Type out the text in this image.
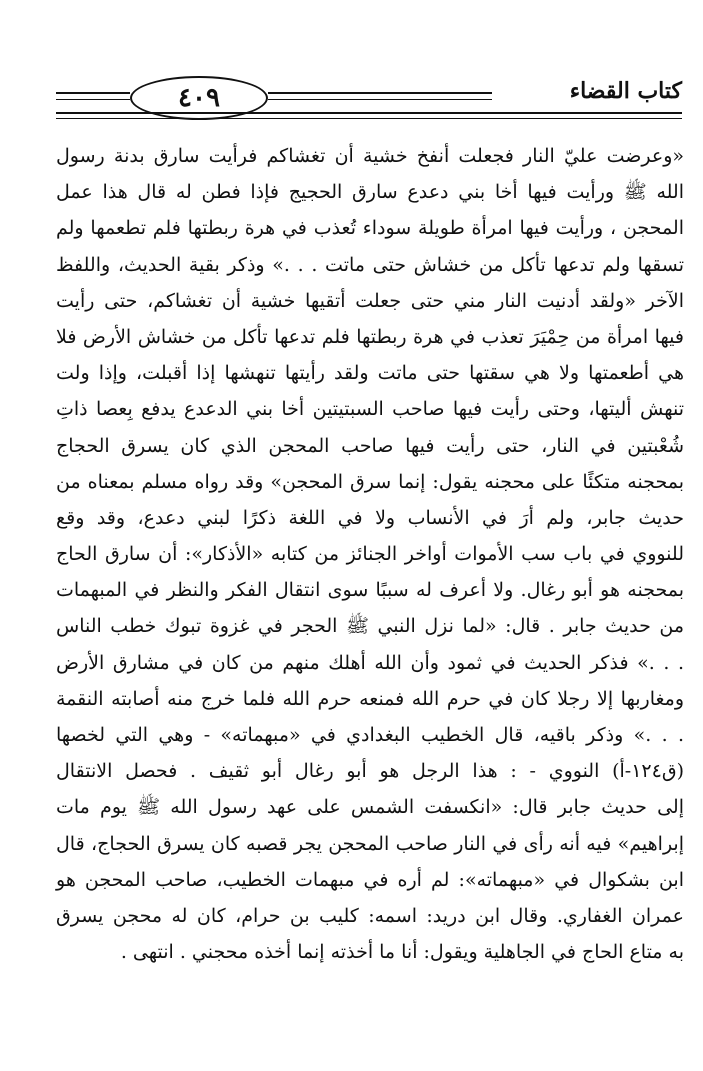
٤٠٩	كتاب القضاء
«وعرضت عليّ النار فجعلت أنفخ خشية أن تغشاكم فرأيت سارق بدنة رسول
الله ﷺ ورأيت فيها أخا بني دعدع سارق الحجيج فإذا فطن له قال هذا عمل
المحجن ، ورأيت فيها امرأة طويلة سوداء تُعذب في هرة ربطتها فلم تطعمها ولم
تسقها ولم تدعها تأكل من خشاش حتى ماتت . . .» وذكر بقية الحديث، واللفظ
الآخر «ولقد أدنيت النار مني حتى جعلت أتقيها خشية أن تغشاكم، حتى رأيت
فيها امرأة من حِمْيَرَ تعذب في هرة ربطتها فلم تدعها تأكل من خشاش الأرض فلا
هي أطعمتها ولا هي سقتها حتى ماتت ولقد رأيتها تنهشها إذا أقبلت، وإذا ولت
تنهش أليتها، وحتى رأيت فيها صاحب السبتيتين أخا بني الدعدع يدفع بِعصا ذاتِ
شُعْبتين في النار، حتى رأيت فيها صاحب المحجن الذي كان يسرق الحجاج
بمحجنه متكئًا على محجنه يقول: إنما سرق المحجن» وقد رواه مسلم بمعناه من
حديث جابر، ولم أرَ في الأنساب ولا في اللغة ذكرًا لبني دعدع، وقد وقع
للنووي في باب سب الأموات أواخر الجنائز من كتابه «الأذكار»: أن سارق الحاج
بمحجنه هو أبو رغال. ولا أعرف له سببًا سوى انتقال الفكر والنظر في المبهمات
من حديث جابر . قال: «لما نزل النبي ﷺ الحجر في غزوة تبوك خطب الناس
. . .» فذكر الحديث في ثمود وأن الله أهلك منهم من كان في مشارق الأرض
ومغاربها إلا رجلا كان في حرم الله فمنعه حرم الله فلما خرج منه أصابته النقمة
. . .» وذكر باقيه، قال الخطيب البغدادي في «مبهماته» - وهي التي لخصها
(ق١٢٤-أ) النووي - : هذا الرجل هو أبو رغال أبو ثقيف . فحصل الانتقال
إلى حديث جابر قال: «انكسفت الشمس على عهد رسول الله ﷺ يوم مات
إبراهيم» فيه أنه رأى في النار صاحب المحجن يجر قصبه كان يسرق الحجاج، قال
ابن بشكوال في «مبهماته»: لم أره في مبهمات الخطيب، صاحب المحجن هو
عمران الغفاري. وقال ابن دريد: اسمه: كليب بن حرام، كان له محجن يسرق
به متاع الحاج في الجاهلية ويقول: أنا ما أخذته إنما أخذه محجني . انتهى .
